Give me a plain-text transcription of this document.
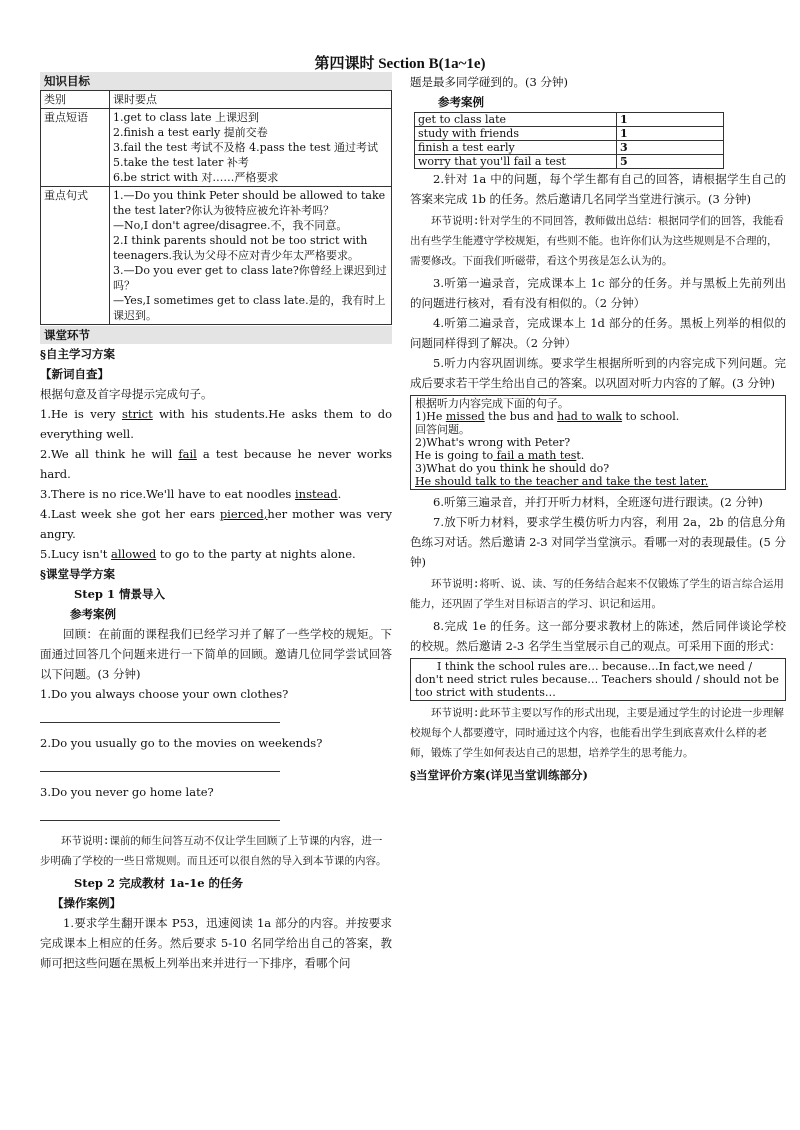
第四课时 Section B(1a~1e)
知识目标
类别	课时要点
重点短语	1.get to class late 上课迟到
2.finish a test early 提前交卷
3.fail the test 考试不及格 4.pass the test 通过考试
5.take the test later 补考
6.be strict with 对……严格要求

重点句式	1.—Do you think Peter should be allowed to take the test later?你认为彼特应被允许补考吗？
—No,I don't agree/disagree.不，我不同意。
2.I think parents should not be too strict with teenagers.我认为父母不应对青少年太严格要求。
3.—Do you ever get to class late?你曾经上课迟到过吗？
—Yes,I sometimes get to class late.是的，我有时上课迟到。
课堂环节

§自主学习方案

【新词自查】

根据句意及首字母提示完成句子。

1.He is very strict with his students.He asks them to do everything well.

2.We all think he will fail a test because he never works hard.

3.There is no rice.We'll have to eat noodles instead.

4.Last week she got her ears pierced,her mother was very angry.

5.Lucy isn't allowed to go to the party at nights alone.

§课堂导学方案

Step 1 情景导入

参考案例

回顾：在前面的课程我们已经学习并了解了一些学校的规矩。下面通过回答几个问题来进行一下简单的回顾。邀请几位同学尝试回答以下问题。(3 分钟)

1.Do you always choose your own clothes?

2.Do you usually go to the movies on weekends?

3.Do you never go home late?

环节说明:课前的师生问答互动不仅让学生回顾了上节课的内容，进一步明确了学校的一些日常规则。而且还可以很自然的导入到本节课的内容。

Step 2 完成教材 1a-1e 的任务

【操作案例】

1.要求学生翻开课本 P53，迅速阅读 1a 部分的内容。并按要求完成课本上相应的任务。然后要求 5-10 名同学给出自己的答案，教师可把这些问题在黑板上列举出来并进行一下排序，看哪个问

题是最多同学碰到的。(3 分钟)

参考案例

get to class late	1
study with friends	1
finish a test early	3
worry that you'll fail a test	5

2.针对 1a 中的问题，每个学生都有自己的回答，请根据学生自己的答案来完成 1b 的任务。然后邀请几名同学当堂进行演示。(3 分钟)

环节说明:针对学生的不同回答，教师做出总结：根据同学们的回答，我能看出有些学生能遵守学校规矩，有些则不能。也许你们认为这些规则是不合理的，需要修改。下面我们听磁带，看这个男孩是怎么认为的。

3.听第一遍录音，完成课本上 1c 部分的任务。并与黑板上先前列出的问题进行核对，看有没有相似的。（2 分钟）

4.听第二遍录音，完成课本上 1d 部分的任务。黑板上列举的相似的问题同样得到了解决。（2 分钟）

5.听力内容巩固训练。要求学生根据所听到的内容完成下列问题。完成后要求若干学生给出自己的答案。以巩固对听力内容的了解。(3 分钟)

根据听力内容完成下面的句子。
1)He missed the bus and had to walk to school.
回答问题。
2)What's wrong with Peter?
He is going to fail a math test.
3)What do you think he should do?
He should talk to the teacher and take the test later.

6.听第三遍录音，并打开听力材料，全班逐句进行跟读。(2 分钟)

7.放下听力材料，要求学生模仿听力内容，利用 2a，2b 的信息分角色练习对话。然后邀请 2-3 对同学当堂演示。看哪一对的表现最佳。(5 分钟)

环节说明:将听、说、读、写的任务结合起来不仅锻炼了学生的语言综合运用能力，还巩固了学生对目标语言的学习、识记和运用。

8.完成 1e 的任务。这一部分要求教材上的陈述，然后同伴谈论学校的校规。然后邀请 2-3 名学生当堂展示自己的观点。可采用下面的形式：

I think the school rules are… because…In fact,we need / don't need strict rules because… Teachers should / should not be too strict with students…

环节说明:此环节主要以写作的形式出现，主要是通过学生的讨论进一步理解校规每个人都要遵守，同时通过这个内容，也能看出学生到底喜欢什么样的老师，锻炼了学生如何表达自己的思想，培养学生的思考能力。

§当堂评价方案(详见当堂训练部分)
